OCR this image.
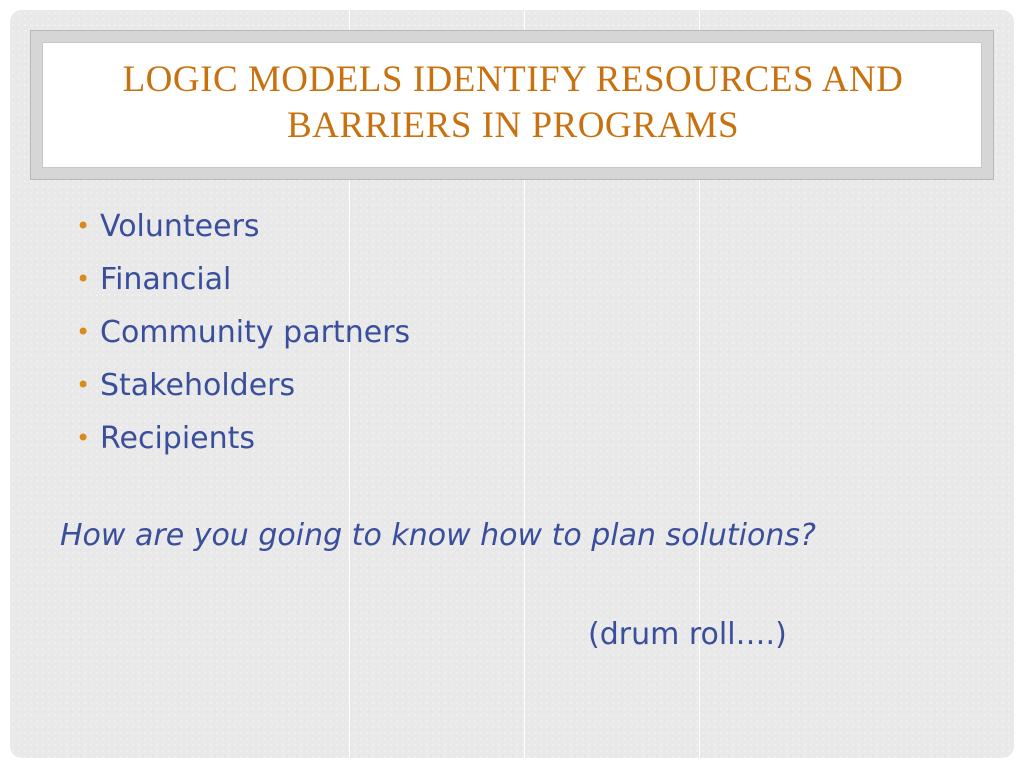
LOGIC MODELS IDENTIFY RESOURCES AND BARRIERS IN PROGRAMS
• Volunteers
• Financial
• Community partners
• Stakeholders
• Recipients

How are you going to know how to plan solutions?

(drum roll….)
